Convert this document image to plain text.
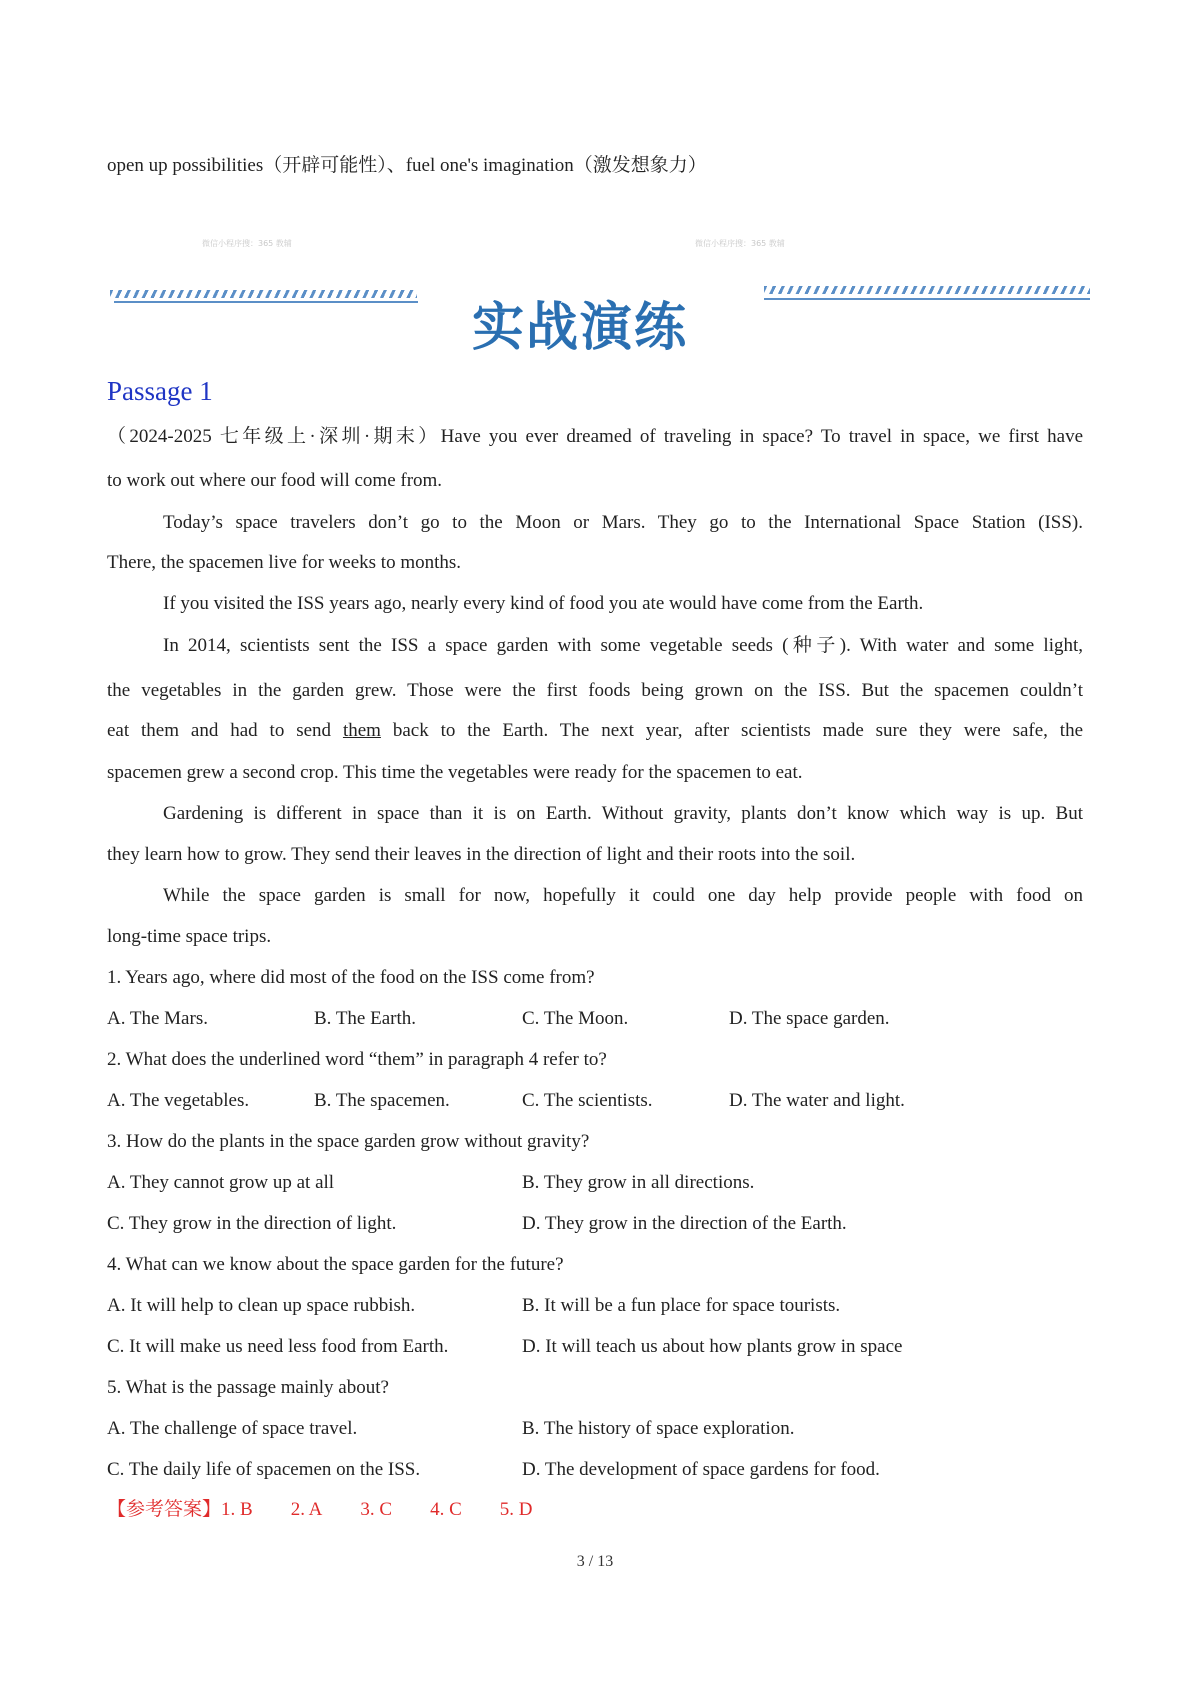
open up possibilities（开辟可能性）、fuel one's imagination（激发想象力）
微信小程序搜：365 教辅	微信小程序搜：365 教辅
实战演练
Passage 1
（2024-2025 七年级上·深圳·期末）Have you ever dreamed of traveling in space? To travel in space, we first have
to work out where our food will come from.
Today’s space travelers don’t go to the Moon or Mars. They go to the International Space Station (ISS).
There, the spacemen live for weeks to months.
If you visited the ISS years ago, nearly every kind of food you ate would have come from the Earth.
In 2014, scientists sent the ISS a space garden with some vegetable seeds (种子). With water and some light,
the vegetables in the garden grew. Those were the first foods being grown on the ISS. But the spacemen couldn’t
eat them and had to send them back to the Earth. The next year, after scientists made sure they were safe, the
spacemen grew a second crop. This time the vegetables were ready for the spacemen to eat.
Gardening is different in space than it is on Earth. Without gravity, plants don’t know which way is up. But
they learn how to grow. They send their leaves in the direction of light and their roots into the soil.
While the space garden is small for now, hopefully it could one day help provide people with food on
long-time space trips.
1. Years ago, where did most of the food on the ISS come from?
A. The Mars.	B. The Earth.	C. The Moon.	D. The space garden.
2. What does the underlined word “them” in paragraph 4 refer to?
A. The vegetables.	B. The spacemen.	C. The scientists.	D. The water and light.
3. How do the plants in the space garden grow without gravity?
A. They cannot grow up at all	B. They grow in all directions.
C. They grow in the direction of light.	D. They grow in the direction of the Earth.
4. What can we know about the space garden for the future?
A. It will help to clean up space rubbish.	B. It will be a fun place for space tourists.
C. It will make us need less food from Earth.	D. It will teach us about how plants grow in space
5. What is the passage mainly about?
A. The challenge of space travel.	B. The history of space exploration.
C. The daily life of spacemen on the ISS.	D. The development of space gardens for food.
【参考答案】1. B 2. A 3. C 4. C 5. D
3 / 13
